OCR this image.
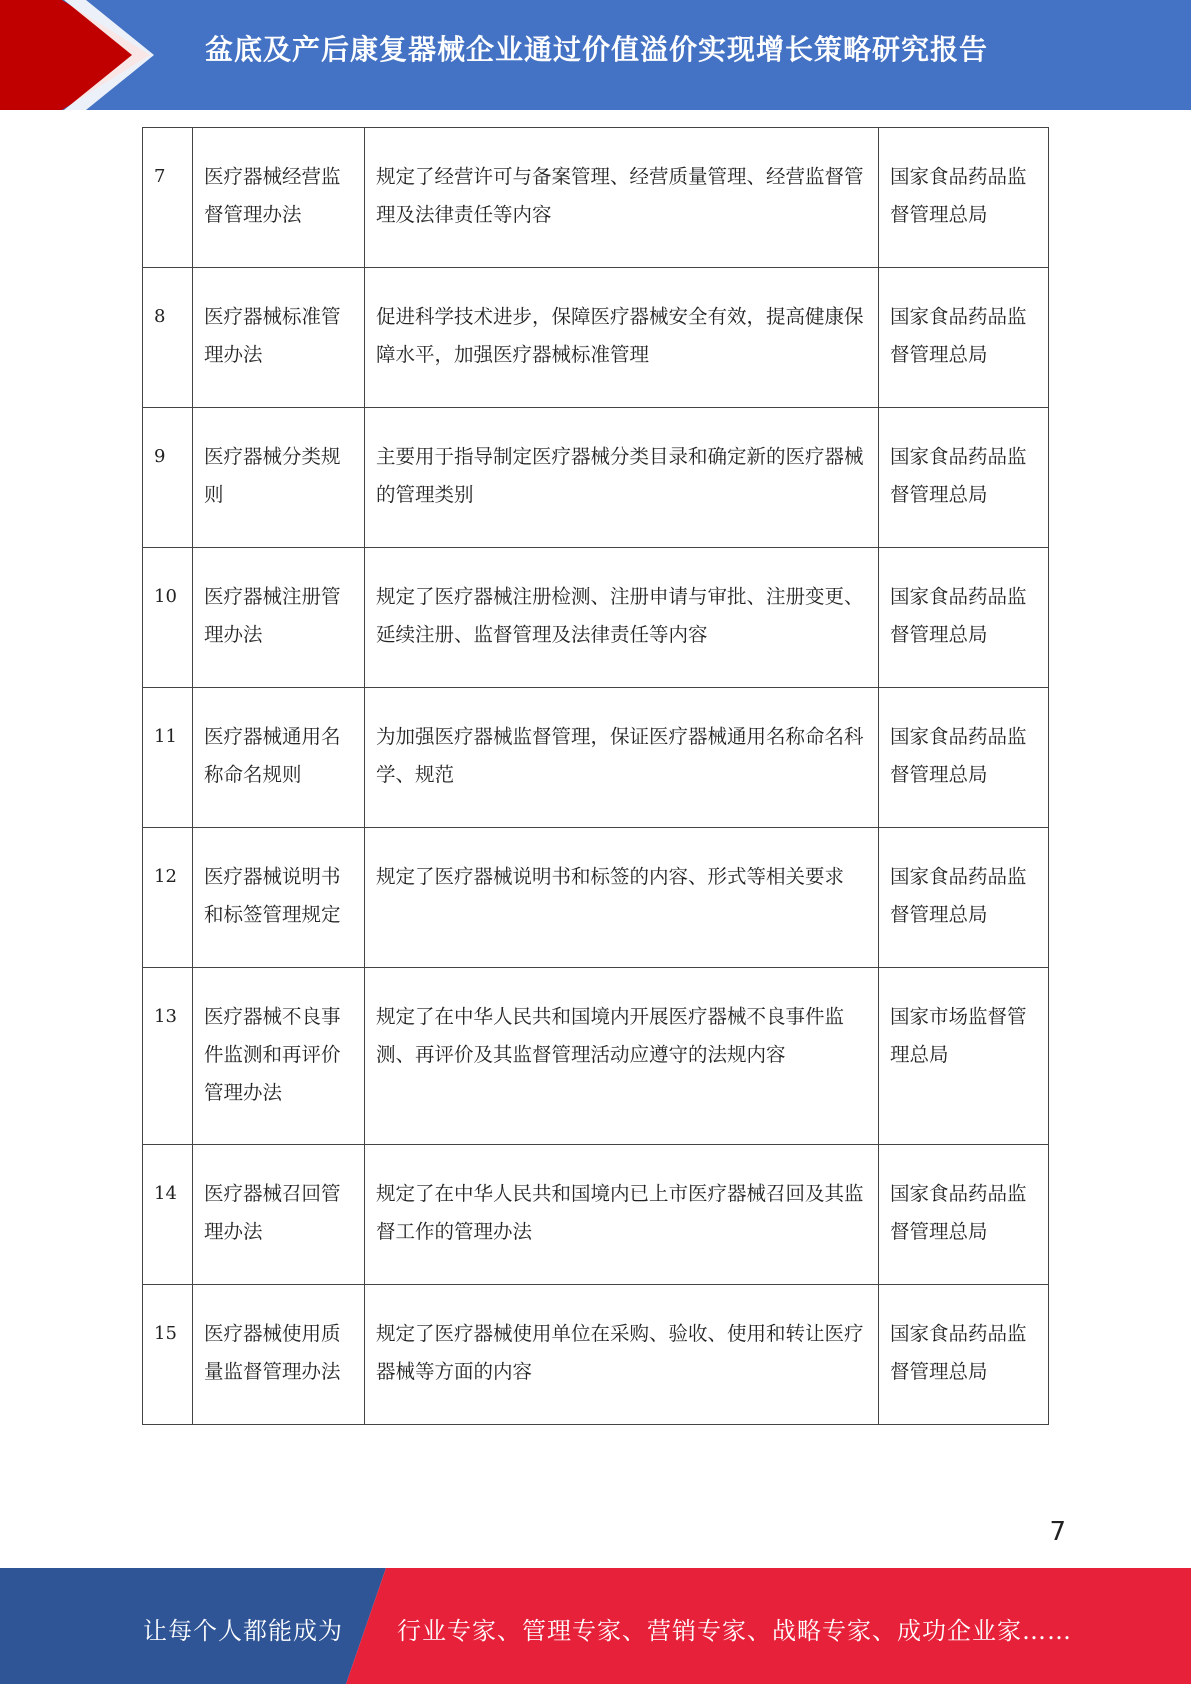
盆底及产后康复器械企业通过价值溢价实现增长策略研究报告
7	医疗器械经营监督管理办法	规定了经营许可与备案管理、经营质量管理、经营监督管理及法律责任等内容	国家食品药品监督管理总局
8	医疗器械标准管理办法	促进科学技术进步，保障医疗器械安全有效，提高健康保障水平，加强医疗器械标准管理	国家食品药品监督管理总局
9	医疗器械分类规则	主要用于指导制定医疗器械分类目录和确定新的医疗器械的管理类别	国家食品药品监督管理总局
10	医疗器械注册管理办法	规定了医疗器械注册检测、注册申请与审批、注册变更、延续注册、监督管理及法律责任等内容	国家食品药品监督管理总局
11	医疗器械通用名称命名规则	为加强医疗器械监督管理，保证医疗器械通用名称命名科学、规范	国家食品药品监督管理总局
12	医疗器械说明书和标签管理规定	规定了医疗器械说明书和标签的内容、形式等相关要求	国家食品药品监督管理总局
13	医疗器械不良事件监测和再评价管理办法	规定了在中华人民共和国境内开展医疗器械不良事件监测、再评价及其监督管理活动应遵守的法规内容	国家市场监督管理总局
14	医疗器械召回管理办法	规定了在中华人民共和国境内已上市医疗器械召回及其监督工作的管理办法	国家食品药品监督管理总局
15	医疗器械使用质量监督管理办法	规定了医疗器械使用单位在采购、验收、使用和转让医疗器械等方面的内容	国家食品药品监督管理总局
7
让每个人都能成为 行业专家、管理专家、营销专家、战略专家、成功企业家……
